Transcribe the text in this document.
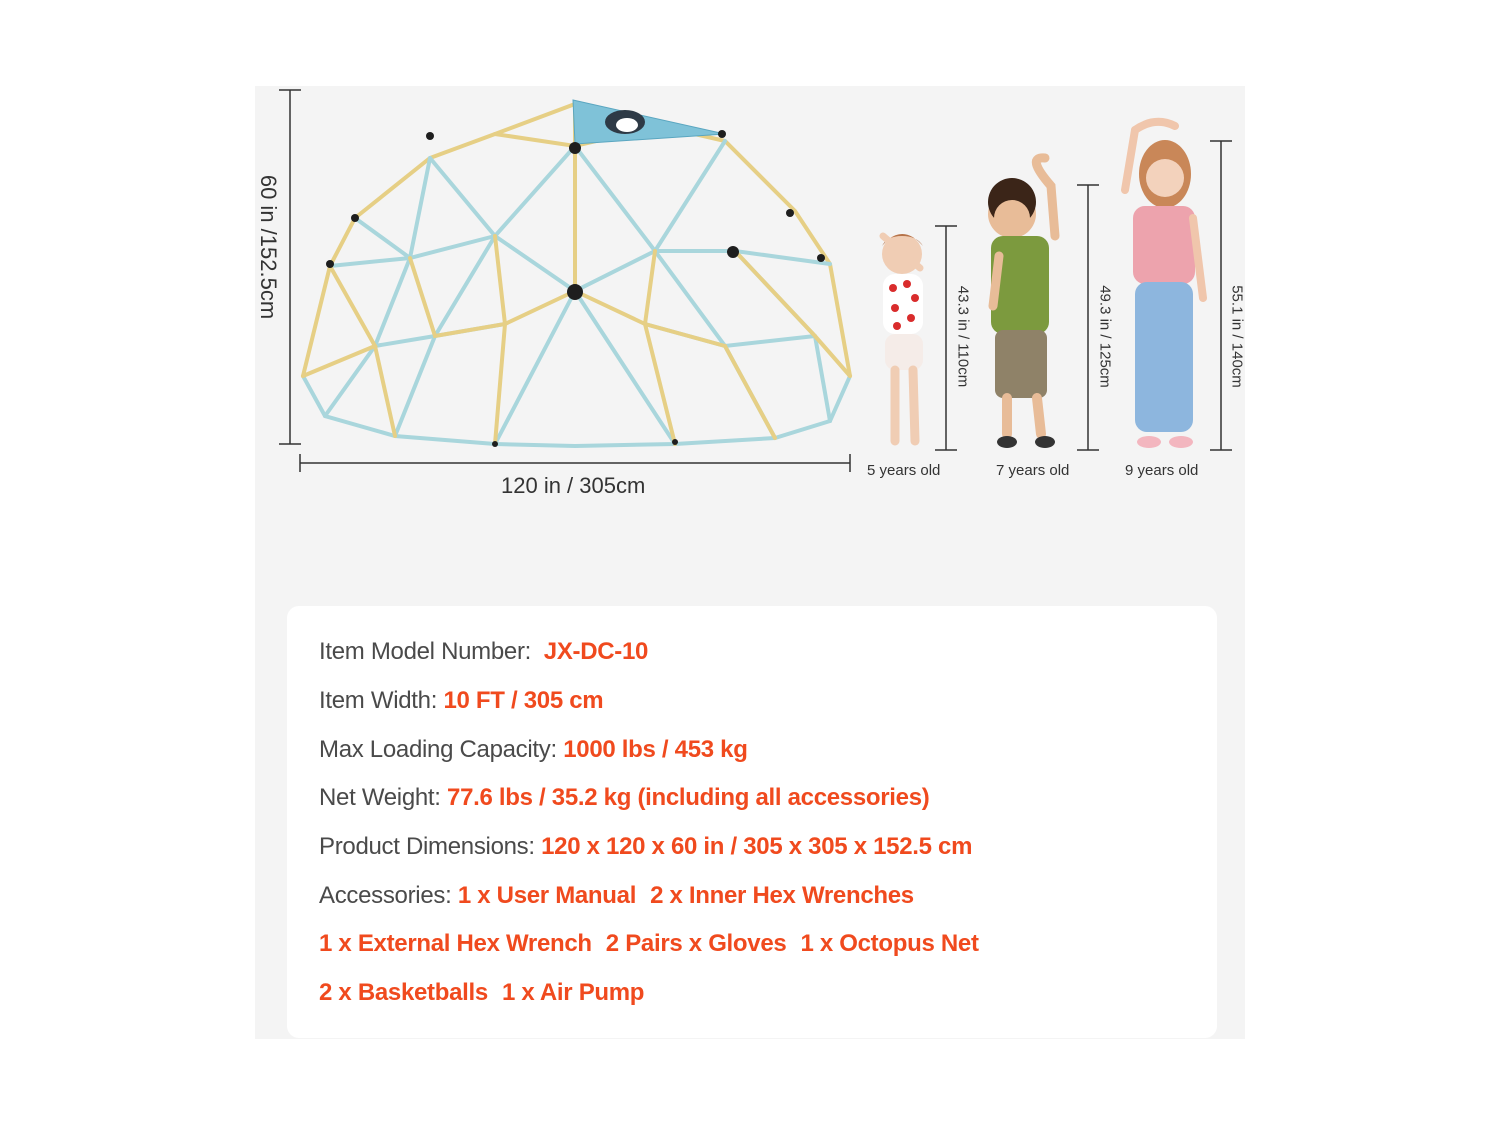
60 in /152.5cm
120 in / 305cm
43.3 in / 110cm	49.3 in / 125cm	55.1 in / 140cm
5 years old	7 years old	9 years old
Item Model Number: JX-DC-10
Item Width: 10 FT / 305 cm
Max Loading Capacity: 1000 lbs / 453 kg
Net Weight: 77.6 lbs / 35.2 kg (including all accessories)
Product Dimensions: 120 x 120 x 60 in / 305 x 305 x 152.5 cm
Accessories: 1 x User Manual 2 x Inner Hex Wrenches
1 x External Hex Wrench 2 Pairs x Gloves 1 x Octopus Net
2 x Basketballs 1 x Air Pump
